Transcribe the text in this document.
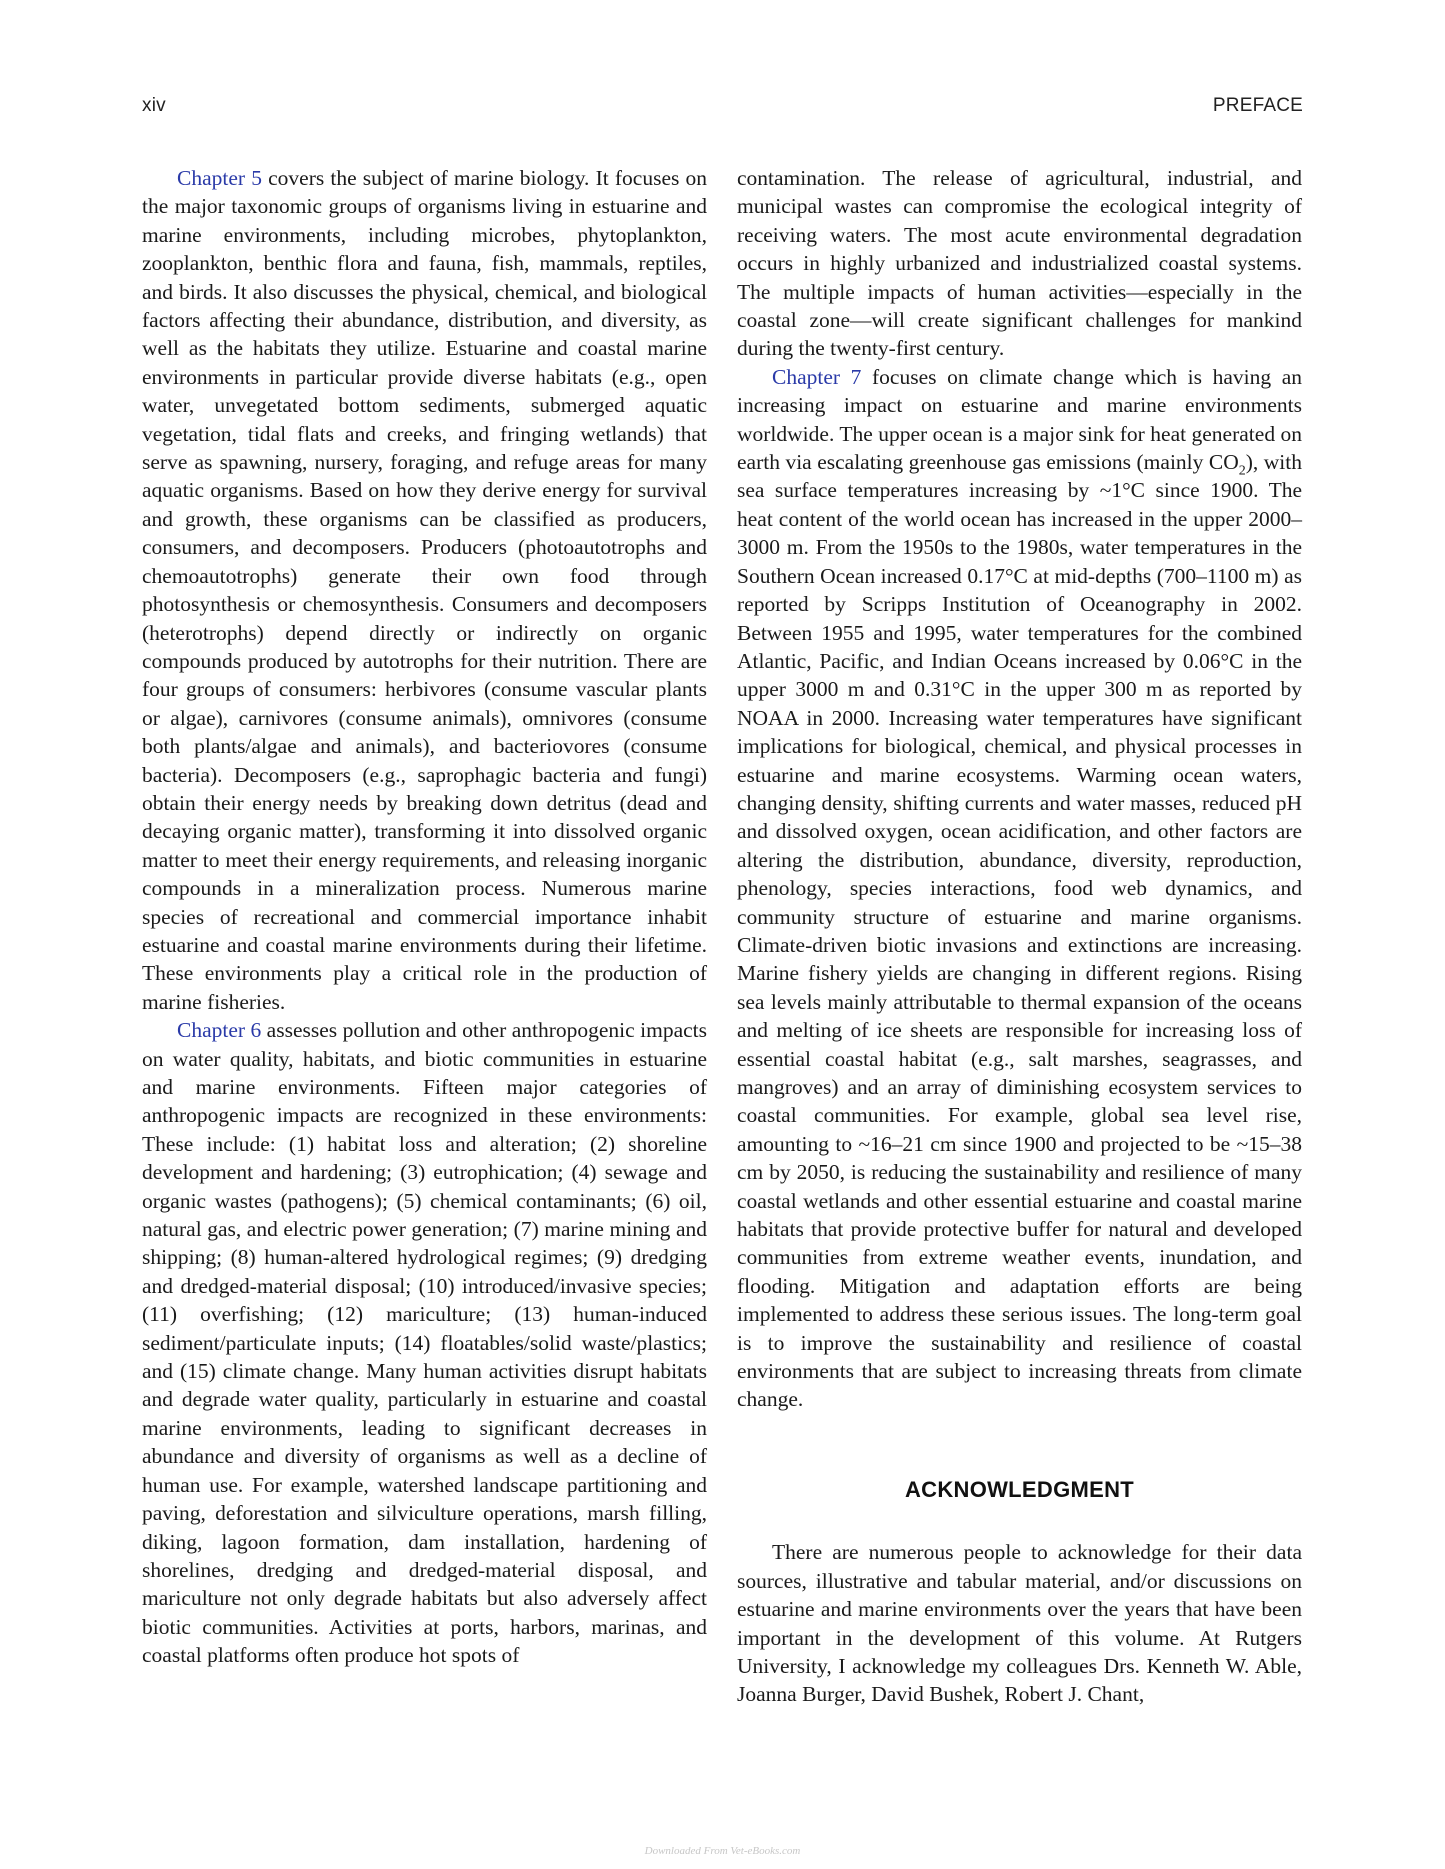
xiv	PREFACE

Chapter 5 covers the subject of marine biology. It focuses on the major taxonomic groups of organisms living in estuarine and marine environments, including microbes, phytoplankton, zooplankton, benthic flora and fauna, fish, mammals, reptiles, and birds. It also discusses the physical, chemical, and biological factors affecting their abundance, distribution, and diversity, as well as the habitats they utilize. Estuarine and coastal marine environments in particular provide diverse habitats (e.g., open water, unvegetated bottom sediments, submerged aquatic vegetation, tidal flats and creeks, and fringing wetlands) that serve as spawning, nursery, foraging, and refuge areas for many aquatic organisms. Based on how they derive energy for survival and growth, these organisms can be classified as producers, consumers, and decomposers. Producers (photoautotrophs and chemoautotrophs) generate their own food through photosynthesis or chemosynthesis. Consumers and decomposers (heterotrophs) depend directly or indirectly on organic compounds produced by autotrophs for their nutrition. There are four groups of consumers: herbivores (consume vascular plants or algae), carnivores (consume animals), omnivores (consume both plants/algae and animals), and bacteriovores (consume bacteria). Decomposers (e.g., saprophagic bacteria and fungi) obtain their energy needs by breaking down detritus (dead and decaying organic matter), transforming it into dissolved organic matter to meet their energy requirements, and releasing inorganic compounds in a mineralization process. Numerous marine species of recreational and commercial importance inhabit estuarine and coastal marine environments during their lifetime. These environments play a critical role in the production of marine fisheries.

Chapter 6 assesses pollution and other anthropogenic impacts on water quality, habitats, and biotic communities in estuarine and marine environments. Fifteen major categories of anthropogenic impacts are recognized in these environments: These include: (1) habitat loss and alteration; (2) shoreline development and hardening; (3) eutrophication; (4) sewage and organic wastes (pathogens); (5) chemical contaminants; (6) oil, natural gas, and electric power generation; (7) marine mining and shipping; (8) human-altered hydrological regimes; (9) dredging and dredged-material disposal; (10) introduced/invasive species; (11) overfishing; (12) mariculture; (13) human-induced sediment/particulate inputs; (14) floatables/solid waste/plastics; and (15) climate change. Many human activities disrupt habitats and degrade water quality, particularly in estuarine and coastal marine environments, leading to significant decreases in abundance and diversity of organisms as well as a decline of human use. For example, watershed landscape partitioning and paving, deforestation and silviculture operations, marsh filling, diking, lagoon formation, dam installation, hardening of shorelines, dredging and dredged-material disposal, and mariculture not only degrade habitats but also adversely affect biotic communities. Activities at ports, harbors, marinas, and coastal platforms often produce hot spots of

contamination. The release of agricultural, industrial, and municipal wastes can compromise the ecological integrity of receiving waters. The most acute environmental degradation occurs in highly urbanized and industrialized coastal systems. The multiple impacts of human activities—especially in the coastal zone—will create significant challenges for mankind during the twenty-first century.

Chapter 7 focuses on climate change which is having an increasing impact on estuarine and marine environments worldwide. The upper ocean is a major sink for heat generated on earth via escalating greenhouse gas emissions (mainly $CO_2$), with sea surface temperatures increasing by ~1°C since 1900. The heat content of the world ocean has increased in the upper 2000–3000 m. From the 1950s to the 1980s, water temperatures in the Southern Ocean increased 0.17°C at mid-depths (700–1100 m) as reported by Scripps Institution of Oceanography in 2002. Between 1955 and 1995, water temperatures for the combined Atlantic, Pacific, and Indian Oceans increased by 0.06°C in the upper 3000 m and 0.31°C in the upper 300 m as reported by NOAA in 2000. Increasing water temperatures have significant implications for biological, chemical, and physical processes in estuarine and marine ecosystems. Warming ocean waters, changing density, shifting currents and water masses, reduced pH and dissolved oxygen, ocean acidification, and other factors are altering the distribution, abundance, diversity, reproduction, phenology, species interactions, food web dynamics, and community structure of estuarine and marine organisms. Climate-driven biotic invasions and extinctions are increasing. Marine fishery yields are changing in different regions. Rising sea levels mainly attributable to thermal expansion of the oceans and melting of ice sheets are responsible for increasing loss of essential coastal habitat (e.g., salt marshes, seagrasses, and mangroves) and an array of diminishing ecosystem services to coastal communities. For example, global sea level rise, amounting to ~16–21 cm since 1900 and projected to be ~15–38 cm by 2050, is reducing the sustainability and resilience of many coastal wetlands and other essential estuarine and coastal marine habitats that provide protective buffer for natural and developed communities from extreme weather events, inundation, and flooding. Mitigation and adaptation efforts are being implemented to address these serious issues. The long-term goal is to improve the sustainability and resilience of coastal environments that are subject to increasing threats from climate change.

ACKNOWLEDGMENT

There are numerous people to acknowledge for their data sources, illustrative and tabular material, and/or discussions on estuarine and marine environments over the years that have been important in the development of this volume. At Rutgers University, I acknowledge my colleagues Drs. Kenneth W. Able, Joanna Burger, David Bushek, Robert J. Chant,

Downloaded From Vet-eBooks.com
